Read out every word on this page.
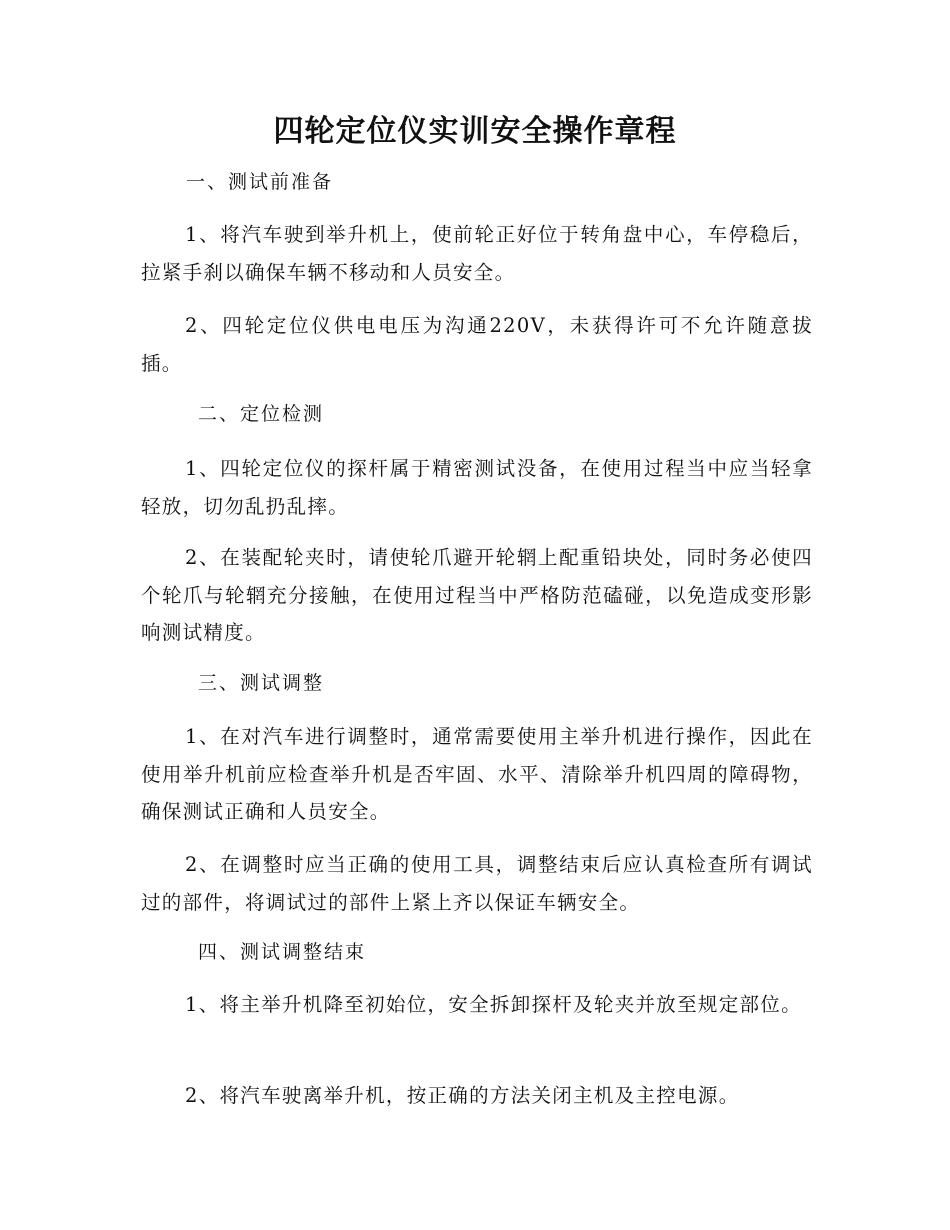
四轮定位仪实训安全操作章程
一、测试前准备
1、将汽车驶到举升机上，使前轮正好位于转角盘中心，车停稳后，拉紧手刹以确保车辆不移动和人员安全。
2、四轮定位仪供电电压为沟通220V，未获得许可不允许随意拔插。
二、定位检测
1、四轮定位仪的探杆属于精密测试没备，在使用过程当中应当轻拿轻放，切勿乱扔乱摔。
2、在装配轮夹时，请使轮爪避开轮辋上配重铅块处，同时务必使四个轮爪与轮辋充分接触，在使用过程当中严格防范磕碰，以免造成变形影响测试精度。
三、测试调整
1、在对汽车进行调整时，通常需要使用主举升机进行操作，因此在使用举升机前应检查举升机是否牢固、水平、清除举升机四周的障碍物，确保测试正确和人员安全。
2、在调整时应当正确的使用工具，调整结束后应认真检查所有调试过的部件，将调试过的部件上紧上齐以保证车辆安全。
四、测试调整结束
1、将主举升机降至初始位，安全拆卸探杆及轮夹并放至规定部位。
2、将汽车驶离举升机，按正确的方法关闭主机及主控电源。
